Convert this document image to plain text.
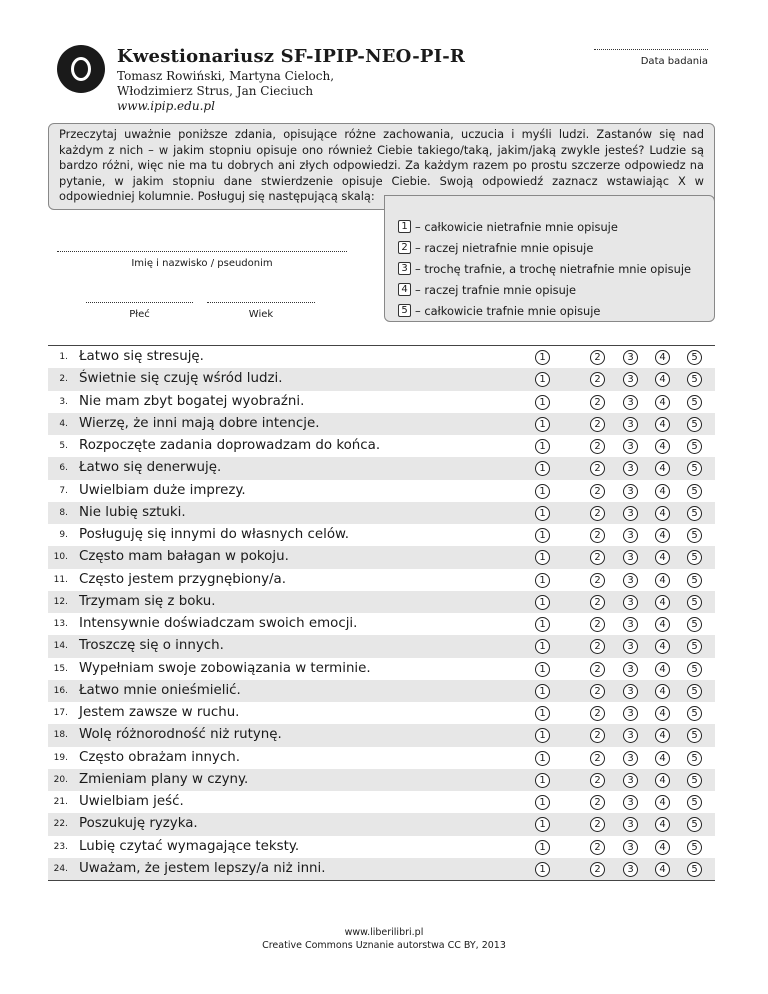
Kwestionariusz SF-IPIP-NEO-PI-R
Tomasz Rowiński, Martyna Cieloch,
Włodzimierz Strus, Jan Cieciuch
www.ipip.edu.pl
Data badania
Przeczytaj uważnie poniższe zdania, opisujące różne zachowania, uczucia i myśli ludzi. Zastanów się nad każdym z nich – w jakim stopniu opisuje ono również Ciebie takiego/taką, jakim/jaką zwykle jesteś? Ludzie są bardzo różni, więc nie ma tu dobrych ani złych odpowiedzi. Za każdym razem po prostu szczerze odpowiedz na pytanie, w jakim stopniu dane stwierdzenie opisuje Ciebie. Swoją odpowiedź zaznacz wstawiając X w odpowiedniej kolumnie. Posługuj się następującą skalą:
1 – całkowicie nietrafnie mnie opisuje
2 – raczej nietrafnie mnie opisuje
3 – trochę trafnie, a trochę nietrafnie mnie opisuje
4 – raczej trafnie mnie opisuje
5 – całkowicie trafnie mnie opisuje
Imię i nazwisko / pseudonim
Płeć	Wiek
1. Łatwo się stresuję.	1	2	3	4	5
2. Świetnie się czuję wśród ludzi.	1	2	3	4	5
3. Nie mam zbyt bogatej wyobraźni.	1	2	3	4	5
4. Wierzę, że inni mają dobre intencje.	1	2	3	4	5
5. Rozpoczęte zadania doprowadzam do końca.	1	2	3	4	5
6. Łatwo się denerwuję.	1	2	3	4	5
7. Uwielbiam duże imprezy.	1	2	3	4	5
8. Nie lubię sztuki.	1	2	3	4	5
9. Posługuję się innymi do własnych celów.	1	2	3	4	5
10. Często mam bałagan w pokoju.	1	2	3	4	5
11. Często jestem przygnębiony/a.	1	2	3	4	5
12. Trzymam się z boku.	1	2	3	4	5
13. Intensywnie doświadczam swoich emocji.	1	2	3	4	5
14. Troszczę się o innych.	1	2	3	4	5
15. Wypełniam swoje zobowiązania w terminie.	1	2	3	4	5
16. Łatwo mnie onieśmielić.	1	2	3	4	5
17. Jestem zawsze w ruchu.	1	2	3	4	5
18. Wolę różnorodność niż rutynę.	1	2	3	4	5
19. Często obrażam innych.	1	2	3	4	5
20. Zmieniam plany w czyny.	1	2	3	4	5
21. Uwielbiam jeść.	1	2	3	4	5
22. Poszukuję ryzyka.	1	2	3	4	5
23. Lubię czytać wymagające teksty.	1	2	3	4	5
24. Uważam, że jestem lepszy/a niż inni.	1	2	3	4	5
www.liberilibri.pl
Creative Commons Uznanie autorstwa CC BY, 2013
